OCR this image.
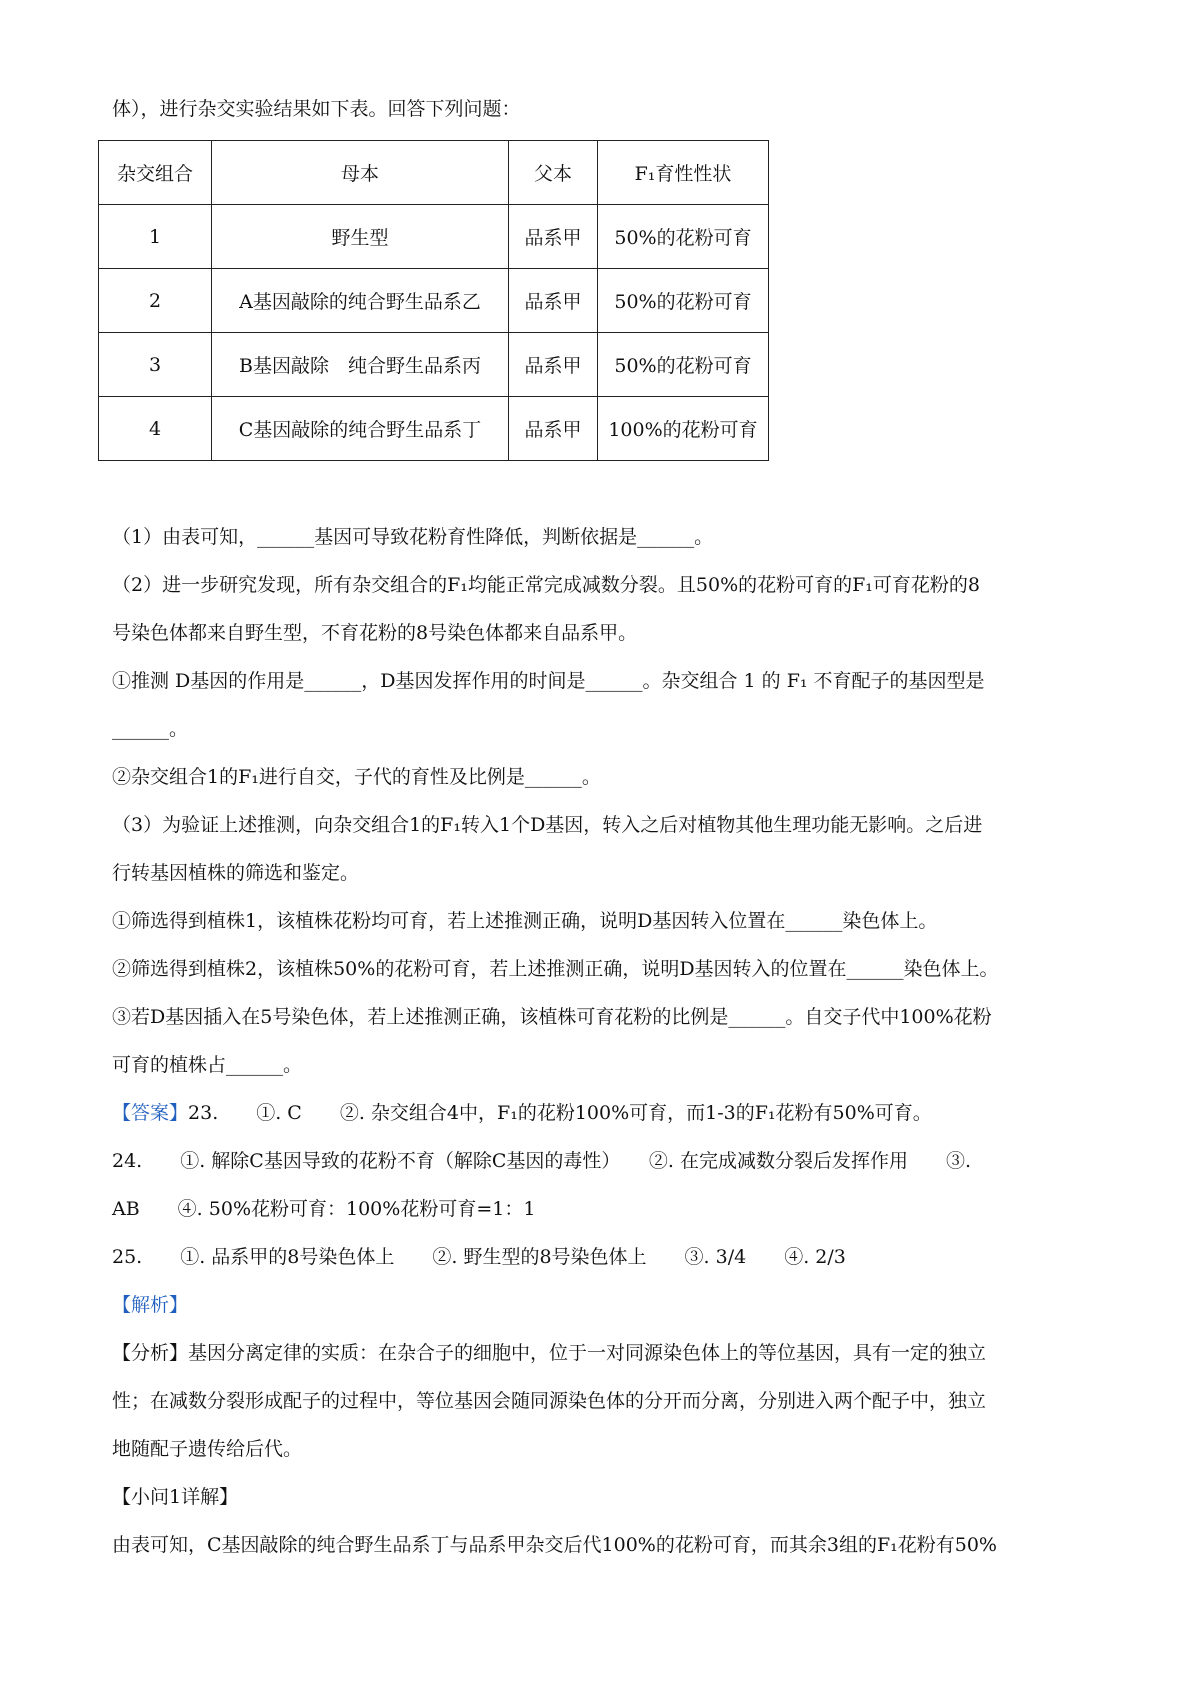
体），进行杂交实验结果如下表。回答下列问题：
杂交组合	母本	父本	F₁育性性状
1	野生型	品系甲	50%的花粉可育
2	A基因敲除的纯合野生品系乙	品系甲	50%的花粉可育
3	B基因敲除　纯合野生品系丙	品系甲	50%的花粉可育
4	C基因敲除的纯合野生品系丁	品系甲	100%的花粉可育
（1）由表可知，______基因可导致花粉育性降低，判断依据是______。
（2）进一步研究发现，所有杂交组合的F₁均能正常完成减数分裂。且50%的花粉可育的F₁可育花粉的8
号染色体都来自野生型，不育花粉的8号染色体都来自品系甲。
①推测 D基因的作用是______，D基因发挥作用的时间是______。杂交组合 1 的 F₁ 不育配子的基因型是
______。
②杂交组合1的F₁进行自交，子代的育性及比例是______。
（3）为验证上述推测，向杂交组合1的F₁转入1个D基因，转入之后对植物其他生理功能无影响。之后进
行转基因植株的筛选和鉴定。
①筛选得到植株1，该植株花粉均可育，若上述推测正确，说明D基因转入位置在______染色体上。
②筛选得到植株2，该植株50%的花粉可育，若上述推测正确，说明D基因转入的位置在______染色体上。
③若D基因插入在5号染色体，若上述推测正确，该植株可育花粉的比例是______。自交子代中100%花粉
可育的植株占______。
【答案】23.　　①. C　　②. 杂交组合4中，F₁的花粉100%可育，而1-3的F₁花粉有50%可育。
24.　　①. 解除C基因导致的花粉不育（解除C基因的毒性）　　②. 在完成减数分裂后发挥作用　　③.
AB　　④. 50%花粉可育：100%花粉可育=1：1
25.　　①. 品系甲的8号染色体上　　②. 野生型的8号染色体上　　③. 3/4　　④. 2/3
【解析】
【分析】基因分离定律的实质：在杂合子的细胞中，位于一对同源染色体上的等位基因，具有一定的独立
性；在减数分裂形成配子的过程中，等位基因会随同源染色体的分开而分离，分别进入两个配子中，独立
地随配子遗传给后代。
【小问1详解】
由表可知，C基因敲除的纯合野生品系丁与品系甲杂交后代100%的花粉可育，而其余3组的F₁花粉有50%
